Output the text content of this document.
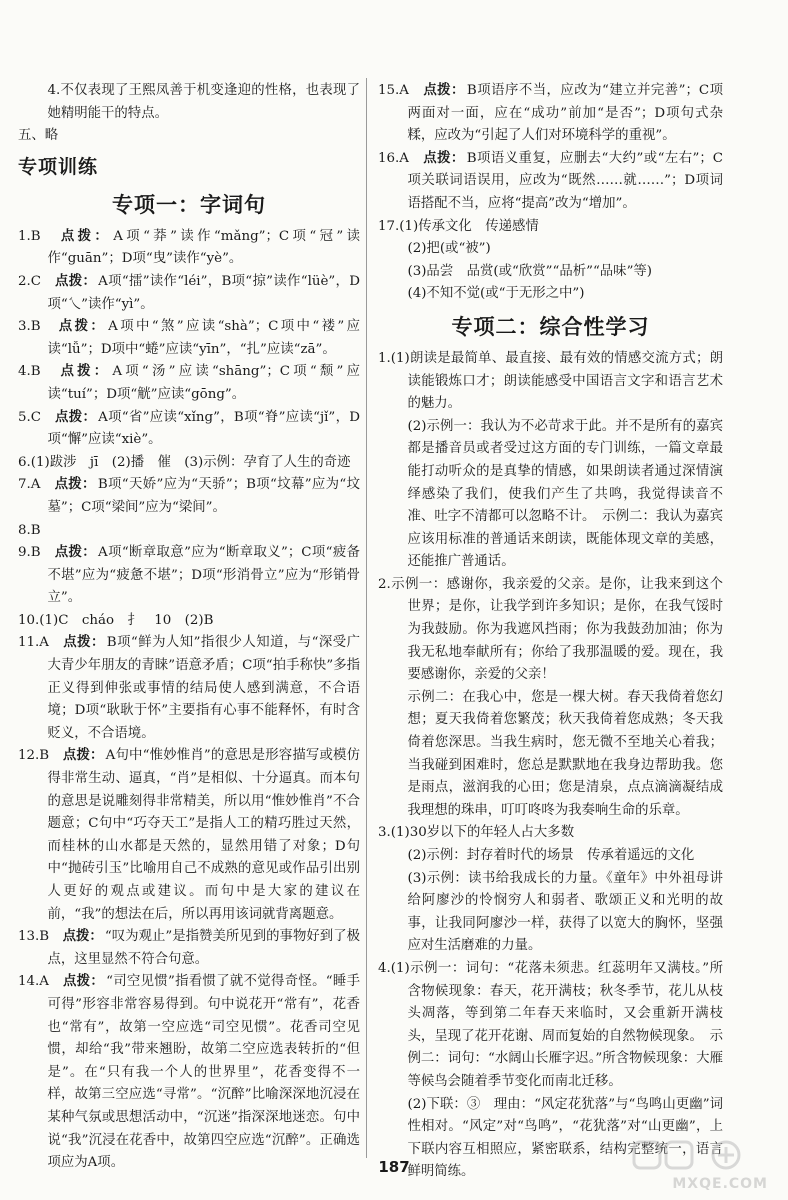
4.不仅表现了王熙凤善于机变逢迎的性格，也表现了她精明能干的特点。

五、略

专项训练
专项一：字词句

1.B　 点拨： A项“莽”读作“mǎng”；C项“冠”读作“guān”；D项“曳”读作“yè”。

2.C　 点拨： A项“擂”读作“léi”，B项“掠”读作“lüè”，D项“乀”读作“yì”。

3.B　 点拨： A项中“煞”应读“shà”；C项中“褛”应读“lǚ”；D项中“蜷”应读“yīn”，“扎”应读“zā”。

4.B　 点拨： A项“汤”应读“shāng”；C项“颓”应读“tuí”；D项“觥”应读“gōng”。

5.C　 点拨： A项“省”应读“xǐng”，B项“脊”应读“jǐ”，D项“懈”应读“xiè”。

6.(1)跋涉　jī　(2)播　催　(3)示例：孕育了人生的奇迹

7.A　 点拨： B项“天娇”应为“天骄”；B项“坟幕”应为“坟墓”；C项“梁间”应为“梁间”。

8.B

9.B　 点拨： A项“断章取意”应为“断章取义”；C项“疲备不堪”应为“疲惫不堪”；D项“形消骨立”应为“形销骨立”。

10.(1)C　cháo　扌　10　(2)B

11.A　 点拨： B项“鲜为人知”指很少人知道，与“深受广大青少年朋友的青睐”语意矛盾；C项“拍手称快”多指正义得到伸张或事情的结局使人感到满意，不合语境；D项“耿耿于怀”主要指有心事不能释怀，有时含贬义，不合语境。

12.B　 点拨： A句中“惟妙惟肖”的意思是形容描写或模仿得非常生动、逼真，“肖”是相似、十分逼真。而本句的意思是说雕刻得非常精美，所以用“惟妙惟肖”不合题意；C句中“巧夺天工”是指人工的精巧胜过天然，而桂林的山水都是天然的，显然用错了对象；D句中“抛砖引玉”比喻用自己不成熟的意见或作品引出别人更好的观点或建议。而句中是大家的建议在前，“我”的想法在后，所以再用该词就背离题意。

13.B　 点拨： “叹为观止”是指赞美所见到的事物好到了极点，这里显然不符合句意。

14.A　 点拨： “司空见惯”指看惯了就不觉得奇怪。“睡手可得”形容非常容易得到。句中说花开“常有”，花香也“常有”，故第一空应选“司空见惯”。花香司空见惯，却给“我”带来翘盼，故第二空应选表转折的“但是”。在“只有我一个人的世界里”，花香变得不一样，故第三空应选“寻常”。“沉醉”比喻深深地沉浸在某种气氛或思想活动中，“沉迷”指深深地迷恋。句中说“我”沉浸在花香中，故第四空应选“沉醉”。正确选项应为A项。

15.A　 点拨： B项语序不当，应改为“建立并完善”；C项两面对一面，应在“成功”前加“是否”；D项句式杂糅，应改为“引起了人们对环境科学的重视”。

16.A　 点拨： B项语义重复，应删去“大约”或“左右”；C项关联词语误用，应改为“既然……就……”；D项词语搭配不当，应将“提高”改为“增加”。

17.(1)传承文化　传递感情

(2)把(或“被”)

(3)品尝　品赏(或“欣赏”“品析”“品味”等)

(4)不知不觉(或“于无形之中”)

专项二：综合性学习

1.(1)朗读是最简单、最直接、最有效的情感交流方式；朗读能锻炼口才；朗读能感受中国语言文字和语言艺术的魅力。

(2)示例一：我认为不必苛求于此。并不是所有的嘉宾都是播音员或者受过这方面的专门训练，一篇文章最能打动听众的是真挚的情感，如果朗读者通过深情演绎感染了我们，使我们产生了共鸣，我觉得读音不准、吐字不清都可以忽略不计。　示例二：我认为嘉宾应该用标准的普通话来朗读，既能体现文章的美感，还能推广普通话。

2.示例一：感谢你，我亲爱的父亲。是你，让我来到这个世界；是你，让我学到许多知识；是你，在我气馁时为我鼓励。你为我遮风挡雨；你为我鼓劲加油；你为我无私地奉献所有；你给了我那温暖的爱。现在，我要感谢你，亲爱的父亲！

示例二：在我心中，您是一棵大树。春天我倚着您幻想；夏天我倚着您繁茂；秋天我倚着您成熟；冬天我倚着您深思。当我生病时，您无微不至地关心着我；当我碰到困难时，您总是默默地在我身边帮助我。您是雨点，滋润我的心田；您是清泉，点点滴滴凝结成我理想的珠串，叮叮咚咚为我奏响生命的乐章。

3.(1)30岁以下的年轻人占大多数

(2)示例：封存着时代的场景　传承着遥远的文化

(3)示例：读书给我成长的力量。《童年》中外祖母讲给阿廖沙的怜悯穷人和弱者、歌颂正义和光明的故事，让我同阿廖沙一样，获得了以宽大的胸怀，坚强应对生活磨难的力量。

4.(1)示例一：词句：“花落未须悲。红蕊明年又满枝。”所含物候现象：春天，花开满枝；秋冬季节，花儿从枝头凋落，等到第二年春天来临时，又会重新开满枝头，呈现了花开花谢、周而复始的自然物候现象。　示例二：词句：“水阔山长雁字迟。”所含物候现象：大雁等候鸟会随着季节变化而南北迁移。

(2)下联：③　理由：“风定花犹落”与“鸟鸣山更幽”词性相对。“风定”对“鸟鸣”，“花犹落”对“山更幽”，上下联内容互相照应，紧密联系，结构完整统一，语言鲜明简练。

187
MXQE.COM
